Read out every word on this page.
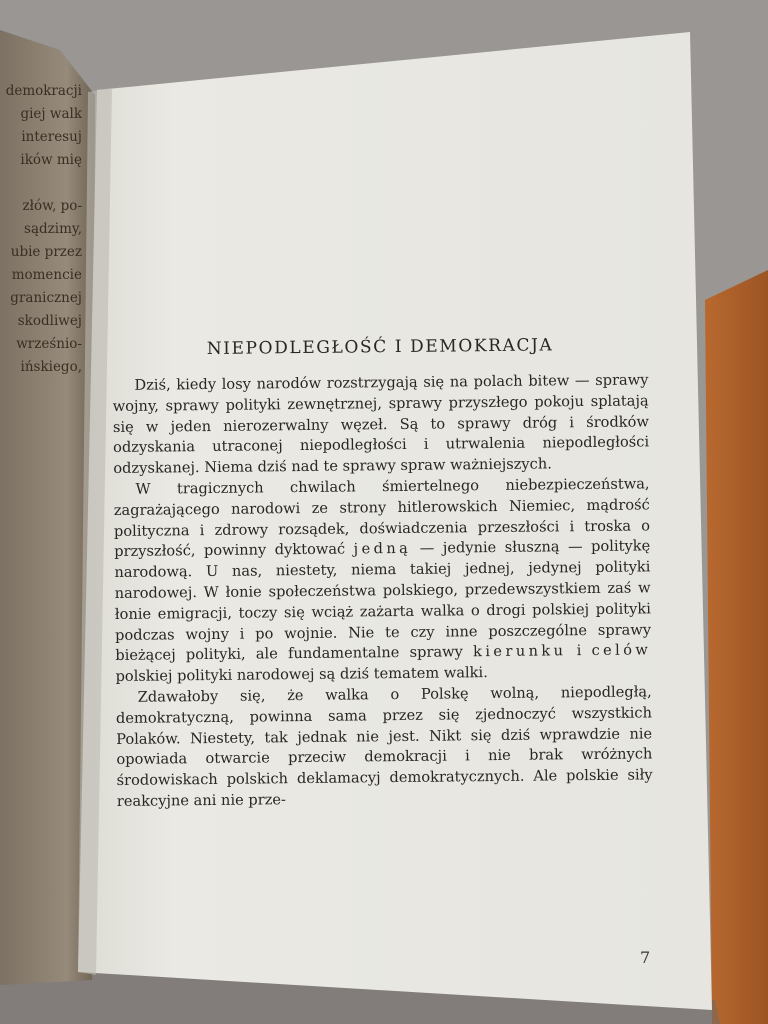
demokracji
giej walk
interesuj
ików mię

złów, po-
sądzimy,
ubie przez
momencie
granicznej
skodliwej
wrześnio-
ińskiego,
NIEPODLEGŁOŚĆ I DEMOKRACJA

Dziś, kiedy losy narodów rozstrzygają się na polach bitew — sprawy wojny, sprawy polityki zewnętrznej, sprawy przyszłego pokoju splatają się w jeden nierozerwalny węzeł. Są to sprawy dróg i środków odzyskania utraconej niepodległości i utrwalenia niepodległości odzyskanej. Niema dziś nad te sprawy spraw ważniejszych.

W tragicznych chwilach śmiertelnego niebezpieczeństwa, zagrażającego narodowi ze strony hitlerowskich Niemiec, mądrość polityczna i zdrowy rozsądek, doświadczenia przeszłości i troska o przyszłość, powinny dyktować jedną — jedynie słuszną — politykę narodową. U nas, niestety, niema takiej jednej, jedynej polityki narodowej. W łonie społeczeństwa polskiego, przedewszystkiem zaś w łonie emigracji, toczy się wciąż zażarta walka o drogi polskiej polityki podczas wojny i po wojnie. Nie te czy inne poszczególne sprawy bieżącej polityki, ale fundamentalne sprawy kierunku i celów polskiej polityki narodowej są dziś tematem walki.

Zdawałoby się, że walka o Polskę wolną, niepodległą, demokratyczną, powinna sama przez się zjednoczyć wszystkich Polaków. Niestety, tak jednak nie jest. Nikt się dziś wprawdzie nie opowiada otwarcie przeciw demokracji i nie brak wróżnych środowiskach polskich deklamacyj demokratycznych. Ale polskie siły reakcyjne ani nie prze-

7
